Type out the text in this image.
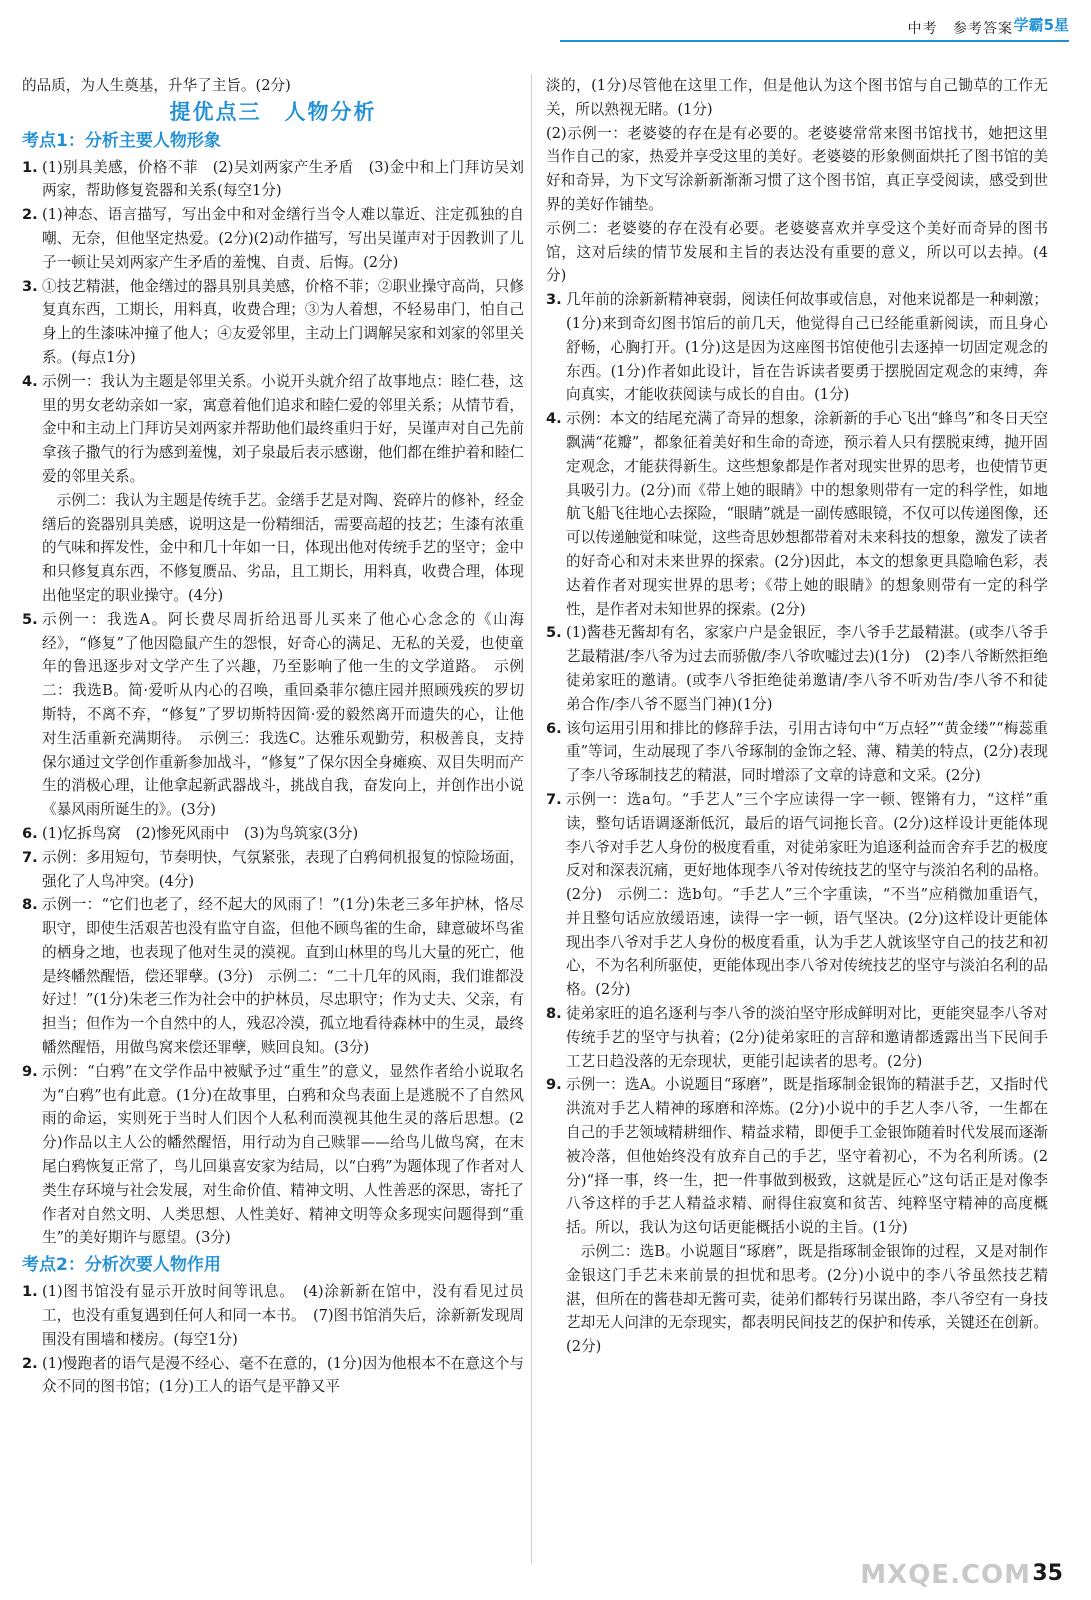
中考 参考答案 学霸5星

的品质，为人生奠基，升华了主旨。(2分)

提优点三　人物分析
考点1：分析主要人物形象

1. (1)别具美感，价格不菲　(2)吴刘两家产生矛盾　(3)金中和上门拜访吴刘两家，帮助修复瓷器和关系(每空1分)

2. (1)神态、语言描写，写出金中和对金缮行当令人难以靠近、注定孤独的自嘲、无奈，但他坚定热爱。(2分)(2)动作描写，写出吴谨声对于因教训了儿子一顿让吴刘两家产生矛盾的羞愧、自责、后悔。(2分)

3. ①技艺精湛，他金缮过的器具别具美感，价格不菲；②职业操守高尚，只修复真东西，工期长，用料真，收费合理；③为人着想，不轻易串门，怕自己身上的生漆味冲撞了他人；④友爱邻里，主动上门调解吴家和刘家的邻里关系。(每点1分)

4. 示例一：我认为主题是邻里关系。小说开头就介绍了故事地点：睦仁巷，这里的男女老幼亲如一家，寓意着他们追求和睦仁爱的邻里关系；从情节看，金中和主动上门拜访吴刘两家并帮助他们最终重归于好，吴谨声对自己先前拿孩子撒气的行为感到羞愧，刘子泉最后表示感谢，他们都在维护着和睦仁爱的邻里关系。

　示例二：我认为主题是传统手艺。金缮手艺是对陶、瓷碎片的修补，经金缮后的瓷器别具美感，说明这是一份精细活，需要高超的技艺；生漆有浓重的气味和挥发性，金中和几十年如一日，体现出他对传统手艺的坚守；金中和只修复真东西，不修复赝品、劣品，且工期长，用料真，收费合理，体现出他坚定的职业操守。(4分)

5. 示例一：我选A。阿长费尽周折给迅哥儿买来了他心心念念的《山海经》，“修复”了他因隐鼠产生的怨恨，好奇心的满足、无私的关爱，也使童年的鲁迅逐步对文学产生了兴趣，乃至影响了他一生的文学道路。　示例二：我选B。简·爱听从内心的召唤，重回桑菲尔德庄园并照顾残疾的罗切斯特，不离不弃，“修复”了罗切斯特因简·爱的毅然离开而遗失的心，让他对生活重新充满期待。　示例三：我选C。达雅乐观勤劳，积极善良，支持保尔通过文学创作重新参加战斗，“修复”了保尔因全身瘫痪、双目失明而产生的消极心理，让他拿起新武器战斗，挑战自我，奋发向上，并创作出小说《暴风雨所诞生的》。(3分)

6. (1)忆拆鸟窝　(2)惨死风雨中　(3)为鸟筑家(3分)

7. 示例：多用短句，节奏明快，气氛紧张，表现了白鸦伺机报复的惊险场面，强化了人鸟冲突。(4分)

8. 示例一：“它们也老了，经不起大的风雨了！”(1分)朱老三多年护林，恪尽职守，即使生活艰苦也没有监守自盗，但他不顾鸟雀的生命，肆意破坏鸟雀的栖身之地，也表现了他对生灵的漠视。直到山林里的鸟儿大量的死亡，他是终幡然醒悟，偿还罪孽。(3分)　示例二：“二十几年的风雨，我们谁都没好过！”(1分)朱老三作为社会中的护林员，尽忠职守；作为丈夫、父亲，有担当；但作为一个自然中的人，残忍冷漠，孤立地看待森林中的生灵，最终幡然醒悟，用做鸟窝来偿还罪孽，赎回良知。(3分)

9. 示例：“白鸦”在文学作品中被赋予过“重生”的意义，显然作者给小说取名为“白鸦”也有此意。(1分)在故事里，白鸦和众鸟表面上是逃脱不了自然风雨的命运，实则死于当时人们因个人私利而漠视其他生灵的落后思想。(2分)作品以主人公的幡然醒悟，用行动为自己赎罪——给鸟儿做鸟窝，在末尾白鸦恢复正常了，鸟儿回巢喜安家为结局，以“白鸦”为题体现了作者对人类生存环境与社会发展，对生命价值、精神文明、人性善恶的深思，寄托了作者对自然文明、人类思想、人性美好、精神文明等众多现实问题得到“重生”的美好期许与愿望。(3分)

考点2：分析次要人物作用

1. (1)图书馆没有显示开放时间等讯息。　(4)涂新新在馆中，没有看见过员工，也没有重复遇到任何人和同一本书。　(7)图书馆消失后，涂新新发现周围没有围墙和楼房。(每空1分)

2. (1)慢跑者的语气是漫不经心、毫不在意的，(1分)因为他根本不在意这个与众不同的图书馆；(1分)工人的语气是平静又平

淡的，(1分)尽管他在这里工作，但是他认为这个图书馆与自己锄草的工作无关，所以熟视无睹。(1分)

(2)示例一：老婆婆的存在是有必要的。老婆婆常常来图书馆找书，她把这里当作自己的家，热爱并享受这里的美好。老婆婆的形象侧面烘托了图书馆的美好和奇异，为下文写涂新新渐渐习惯了这个图书馆，真正享受阅读，感受到世界的美好作铺垫。

示例二：老婆婆的存在没有必要。老婆婆喜欢并享受这个美好而奇异的图书馆，这对后续的情节发展和主旨的表达没有重要的意义，所以可以去掉。(4分)

3. 几年前的涂新新精神衰弱，阅读任何故事或信息，对他来说都是一种刺激；(1分)来到奇幻图书馆后的前几天，他觉得自己已经能重新阅读，而且身心舒畅，心胸打开。(1分)这是因为这座图书馆使他引去逐掉一切固定观念的东西。(1分)作者如此设计，旨在告诉读者要勇于摆脱固定观念的束缚，奔向真实，才能收获阅读与成长的自由。(1分)

4. 示例：本文的结尾充满了奇异的想象，涂新新的手心飞出“蜂鸟”和冬日天空飘满“花瓣”，都象征着美好和生命的奇迹，预示着人只有摆脱束缚，抛开固定观念，才能获得新生。这些想象都是作者对现实世界的思考，也使情节更具吸引力。(2分)而《带上她的眼睛》中的想象则带有一定的科学性，如地航飞船飞往地心去探险，“眼睛”就是一副传感眼镜，不仅可以传递图像，还可以传递触觉和味觉，这些奇思妙想都带着对未来科技的想象，激发了读者的好奇心和对未来世界的探索。(2分)因此，本文的想象更具隐喻色彩，表达着作者对现实世界的思考；《带上她的眼睛》的想象则带有一定的科学性，是作者对未知世界的探索。(2分)

5. (1)酱巷无酱却有名，家家户户是金银匠，李八爷手艺最精湛。(或李八爷手艺最精湛/李八爷为过去而骄傲/李八爷吹嘘过去)(1分)　(2)李八爷断然拒绝徒弟家旺的邀请。(或李八爷拒绝徒弟邀请/李八爷不听劝告/李八爷不和徒弟合作/李八爷不愿当门神)(1分)

6. 该句运用引用和排比的修辞手法，引用古诗句中“万点轻”“黄金缕”“梅蕊重重”等词，生动展现了李八爷琢制的金饰之轻、薄、精美的特点，(2分)表现了李八爷琢制技艺的精湛，同时增添了文章的诗意和文采。(2分)

7. 示例一：选a句。“手艺人”三个字应读得一字一顿、铿锵有力，“这样”重读，整句话语调逐渐低沉，最后的语气词拖长音。(2分)这样设计更能体现李八爷对手艺人身份的极度看重，对徒弟家旺为追逐利益而舍弃手艺的极度反对和深表沉痛，更好地体现李八爷对传统技艺的坚守与淡泊名利的品格。(2分)　示例二：选b句。“手艺人”三个字重读，“不当”应稍微加重语气，并且整句话应放缓语速，读得一字一顿，语气坚决。(2分)这样设计更能体现出李八爷对手艺人身份的极度看重，认为手艺人就该坚守自己的技艺和初心，不为名利所驱使，更能体现出李八爷对传统技艺的坚守与淡泊名利的品格。(2分)

8. 徒弟家旺的追名逐利与李八爷的淡泊坚守形成鲜明对比，更能突显李八爷对传统手艺的坚守与执着；(2分)徒弟家旺的言辞和邀请都透露出当下民间手工艺日趋没落的无奈现状，更能引起读者的思考。(2分)

9. 示例一：选A。小说题目“琢磨”，既是指琢制金银饰的精湛手艺，又指时代洪流对手艺人精神的琢磨和淬炼。(2分)小说中的手艺人李八爷，一生都在自己的手艺领域精耕细作、精益求精，即便手工金银饰随着时代发展而逐渐被冷落，但他始终没有放弃自己的手艺，坚守着初心，不为名利所诱。(2分)“择一事，终一生，把一件事做到极致，这就是匠心”这句话正是对像李八爷这样的手艺人精益求精、耐得住寂寞和贫苦、纯粹坚守精神的高度概括。所以，我认为这句话更能概括小说的主旨。(1分)

　示例二：选B。小说题目“琢磨”，既是指琢制金银饰的过程，又是对制作金银这门手艺未来前景的担忧和思考。(2分)小说中的李八爷虽然技艺精湛，但所在的酱巷却无酱可卖，徒弟们都转行另谋出路，李八爷空有一身技艺却无人问津的无奈现实，都表明民间技艺的保护和传承，关键还在创新。(2分)

MXQE.COM 35
